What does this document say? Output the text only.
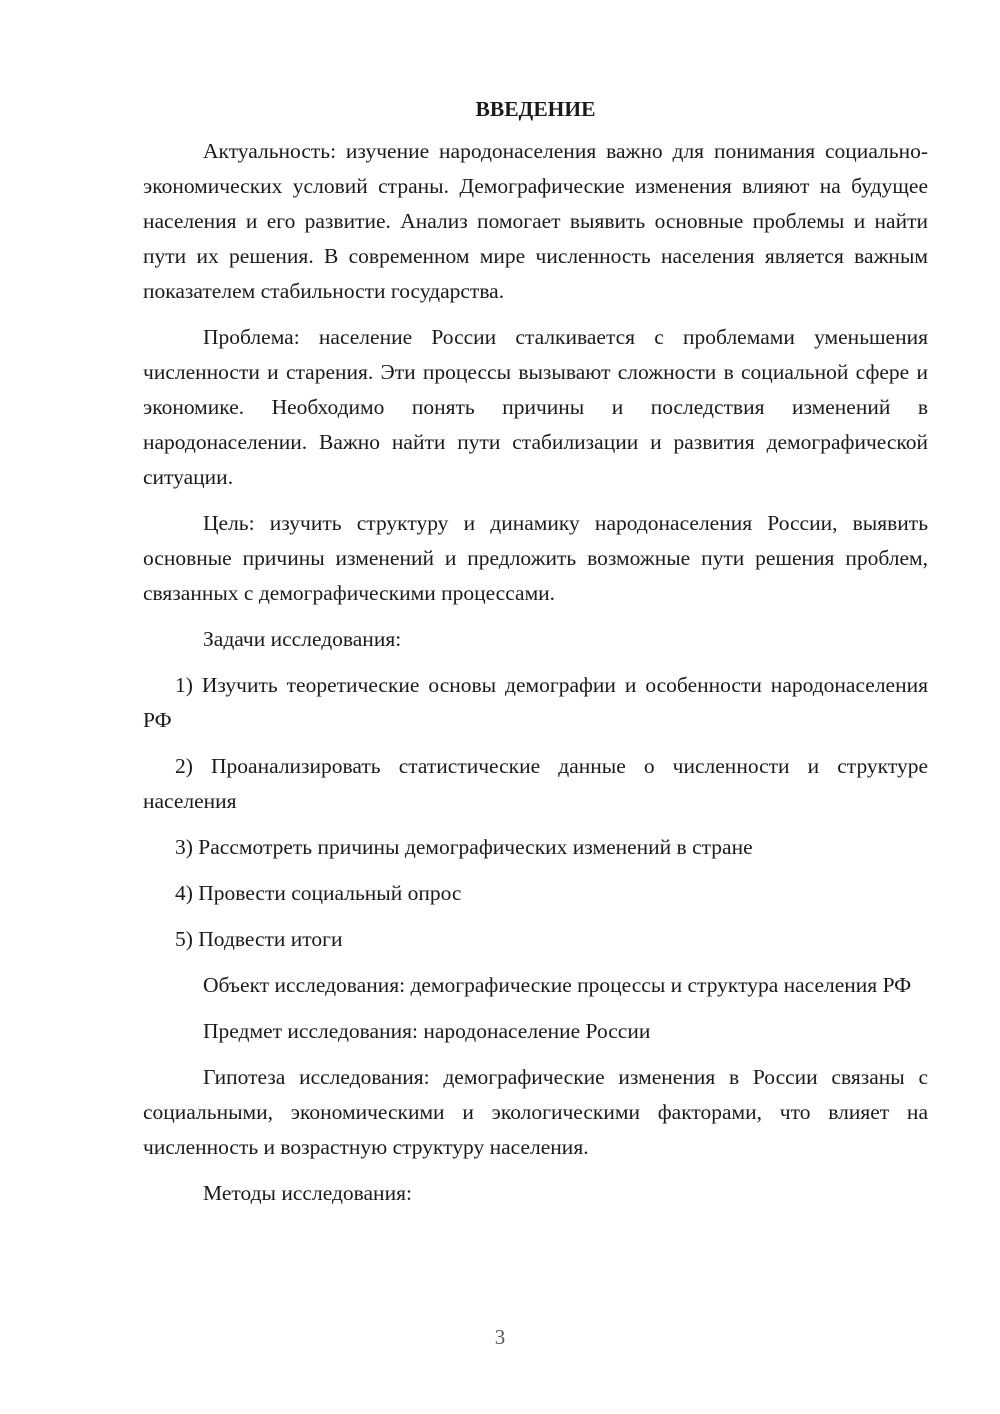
ВВЕДЕНИЕ

Актуальность: изучение народонаселения важно для понимания социально-экономических условий страны. Демографические изменения влияют на будущее населения и его развитие. Анализ помогает выявить основные проблемы и найти пути их решения. В современном мире численность населения является важным показателем стабильности государства.

Проблема: население России сталкивается с проблемами уменьшения численности и старения. Эти процессы вызывают сложности в социальной сфере и экономике. Необходимо понять причины и последствия изменений в народонаселении. Важно найти пути стабилизации и развития демографической ситуации.

Цель: изучить структуру и динамику народонаселения России, выявить основные причины изменений и предложить возможные пути решения проблем, связанных с демографическими процессами.

Задачи исследования:

1) Изучить теоретические основы демографии и особенности народонаселения РФ

2) Проанализировать статистические данные о численности и структуре населения

3) Рассмотреть причины демографических изменений в стране

4) Провести социальный опрос

5) Подвести итоги

Объект исследования: демографические процессы и структура населения РФ

Предмет исследования: народонаселение России

Гипотеза исследования: демографические изменения в России связаны с социальными, экономическими и экологическими факторами, что влияет на численность и возрастную структуру населения.

Методы исследования:

3
